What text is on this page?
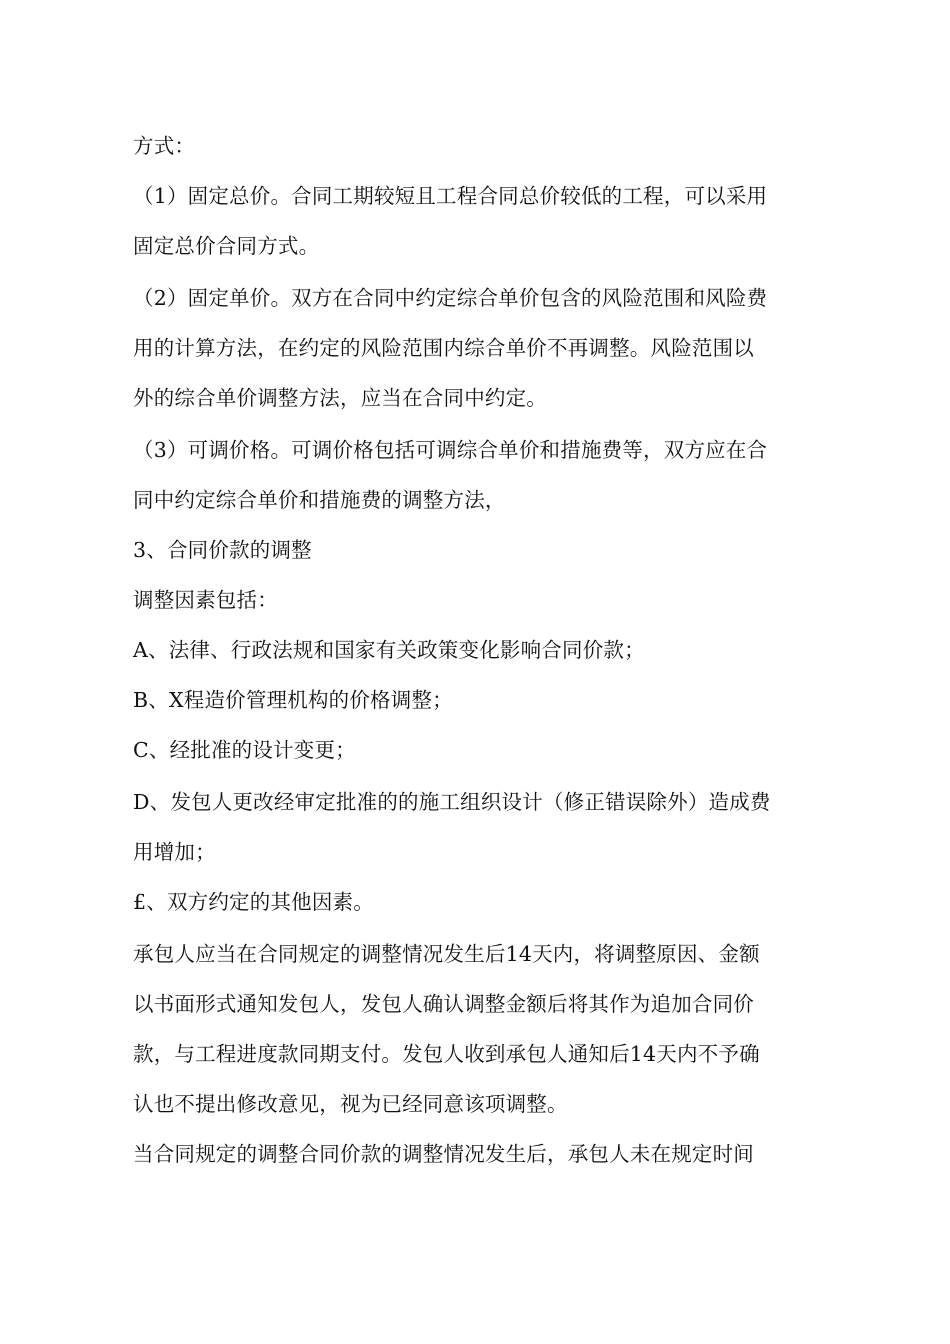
方式：
（1）固定总价。合同工期较短且工程合同总价较低的工程，可以采用
固定总价合同方式。
（2）固定单价。双方在合同中约定综合单价包含的风险范围和风险费
用的计算方法，在约定的风险范围内综合单价不再调整。风险范围以
外的综合单价调整方法，应当在合同中约定。
（3）可调价格。可调价格包括可调综合单价和措施费等，双方应在合
同中约定综合单价和措施费的调整方法，
3、合同价款的调整
调整因素包括：
A、法律、行政法规和国家有关政策变化影响合同价款；
B、X程造价管理机构的价格调整；
C、经批准的设计变更；
D、发包人更改经审定批准的的施工组织设计（修正错误除外）造成费
用增加；
£、双方约定的其他因素。
承包人应当在合同规定的调整情况发生后14天内，将调整原因、金额
以书面形式通知发包人，发包人确认调整金额后将其作为追加合同价
款，与工程进度款同期支付。发包人收到承包人通知后14天内不予确
认也不提出修改意见，视为已经同意该项调整。
当合同规定的调整合同价款的调整情况发生后，承包人未在规定时间
